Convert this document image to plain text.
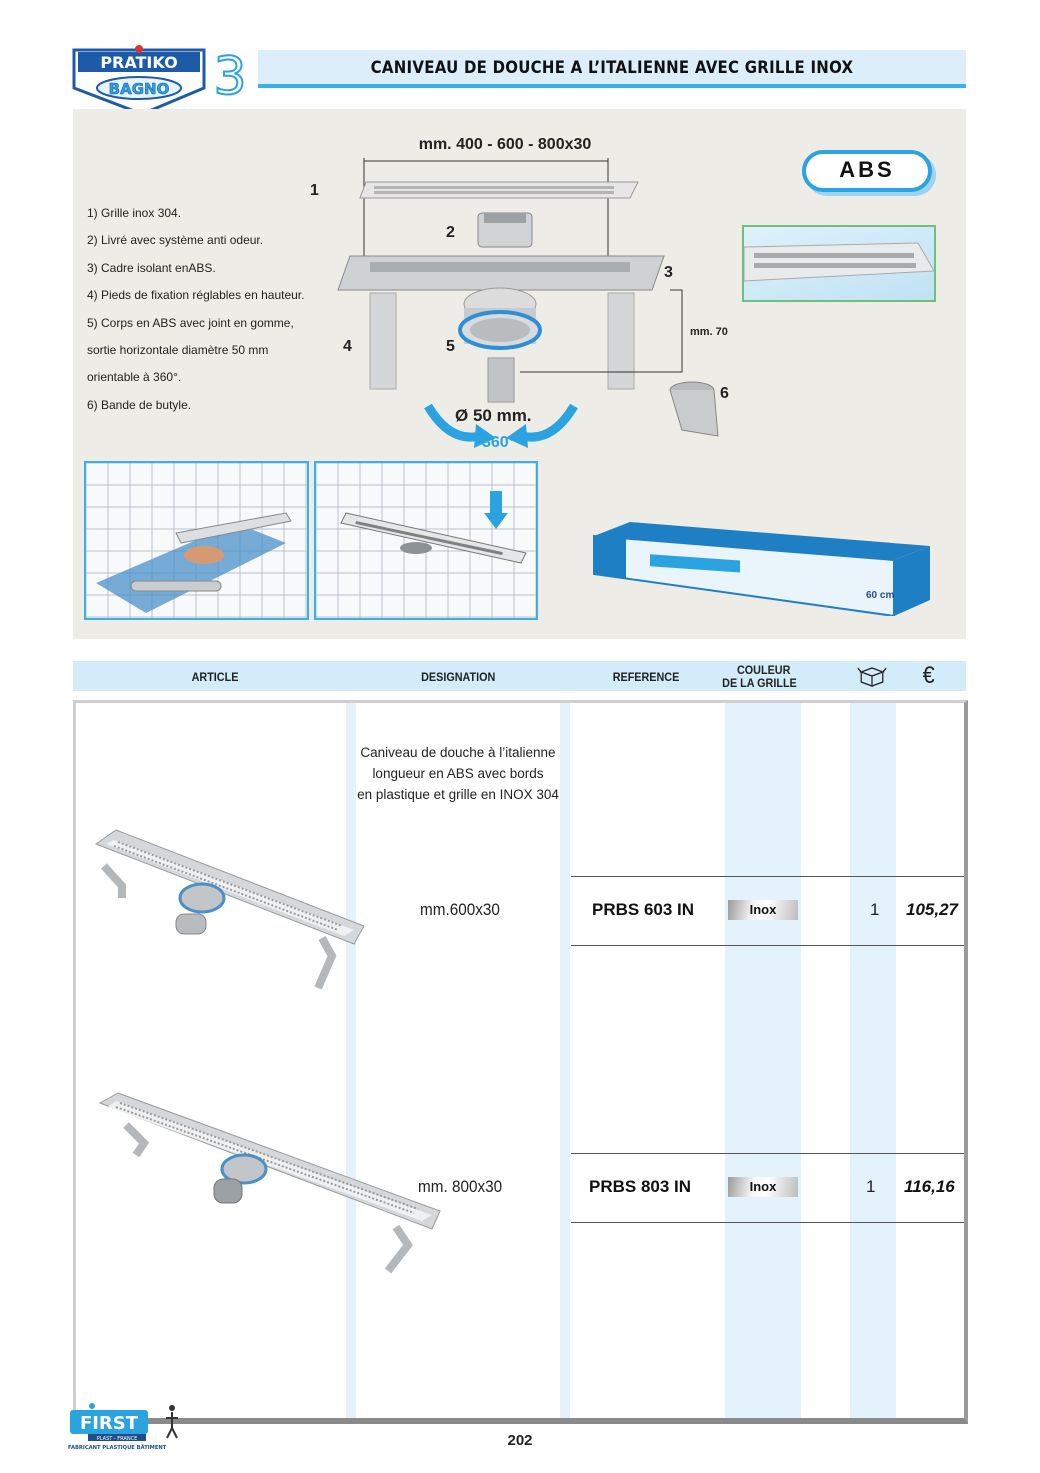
PRATIKO
BAGNO 3	CANIVEAU DE DOUCHE A L’ITALIENNE AVEC GRILLE INOX
1) Grille inox 304.
2) Livré avec système anti odeur.
3) Cadre isolant enABS.
4) Pieds de fixation réglables en hauteur.
5) Corps en ABS avec joint en gomme,
sortie horizontale diamètre 50 mm
orientable à 360°.
6) Bande de butyle.
mm. 400 - 600 - 800x30
1
2
3
4	5
6
mm. 70
Ø 50 mm.
360°
ABS
60 cm
ARTICLE	DESIGNATION	REFERENCE	COULEUR
DE LA GRILLE	€
Caniveau de douche à l’italienne
longueur en ABS avec bords
en plastique et grille en INOX 304
mm.600x30	PRBS 603 IN	Inox	1 105,27
mm. 800x30	PRBS 803 IN	Inox	1 116,16
FIRST
PLAST - FRANCE
FABRICANT PLASTIQUE BÂTIMENT	202
